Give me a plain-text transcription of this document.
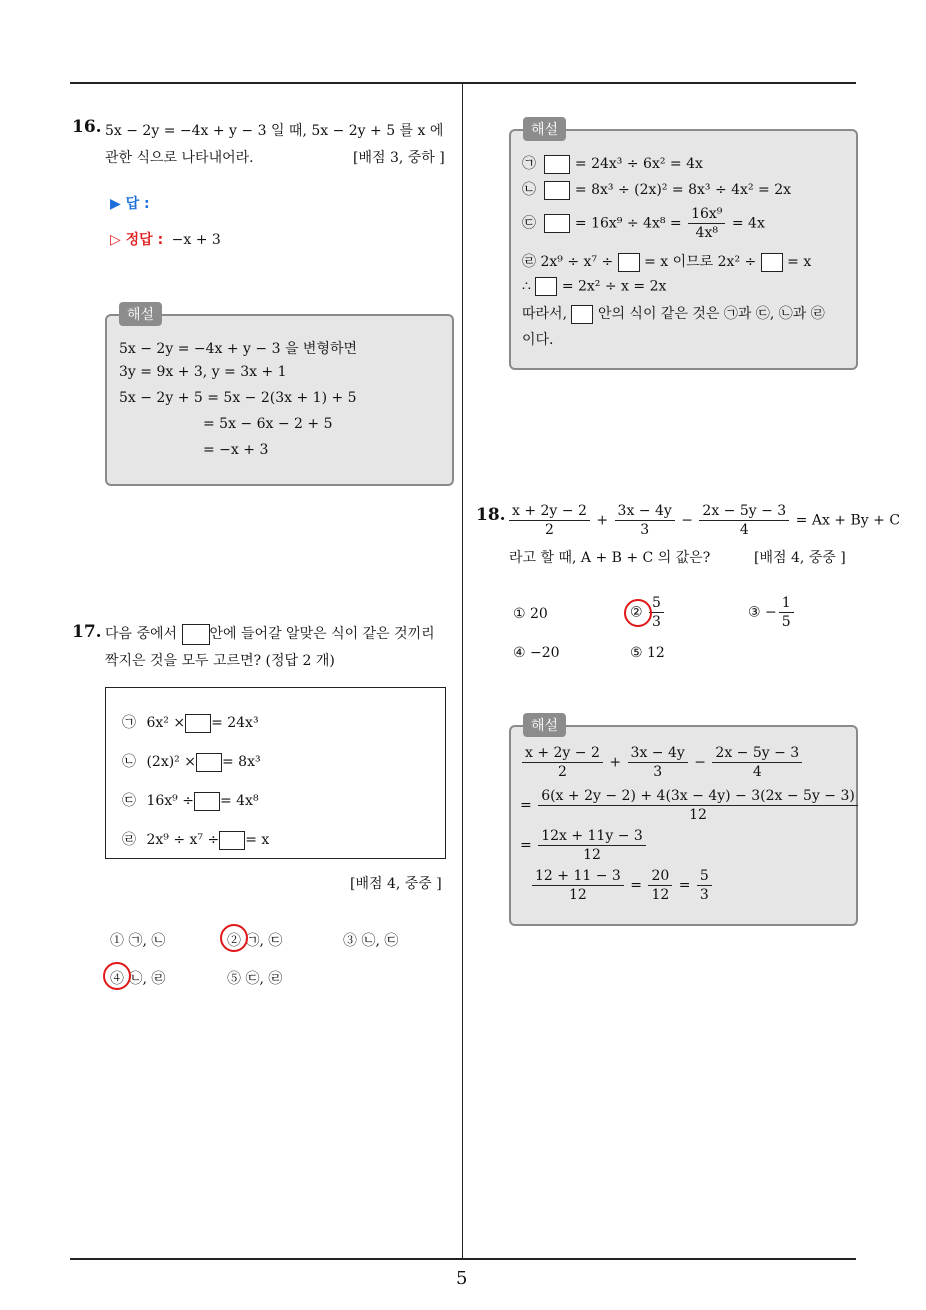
5
16. 5x − 2y = −4x + y − 3 일 때, 5x − 2y + 5 를 x 에
관한 식으로 나타내어라.	[배점 3, 중하 ]
▶ 답 :
▷ 정답 : −x + 3
해설
5x − 2y = −4x + y − 3 을 변형하면
3y = 9x + 3, y = 3x + 1
5x − 2y + 5 = 5x − 2(3x + 1) + 5
= 5x − 6x − 2 + 5
= −x + 3
17. 다음 중에서 안에 들어갈 알맞은 식이 같은 것끼리
짝지은 것을 모두 고르면? (정답 2 개)
㉠ 6x² × = 24x³
㉡ (2x)² × = 8x³
㉢ 16x⁹ ÷ = 4x⁸
㉣ 2x⁹ ÷ x⁷ ÷ = x
[배점 4, 중중 ]
① ㉠, ㉡	② ㉠, ㉢	③ ㉡, ㉢
④ ㉡, ㉣	⑤ ㉢, ㉣
해설
㉠	= 24x³ ÷ 6x² = 4x
㉡	= 8x³ ÷ (2x)² = 8x³ ÷ 4x² = 2x
㉢	= $16x^9 \div 4x^8 = \frac{\text{16x⁹}}{\text{4x⁸}} = 4x$
㉣ 2x⁹ ÷ x⁷ ÷ = x 이므로 2x² ÷ = x
∴ = 2x² ÷ x = 2x
따라서, 안의 식이 같은 것은 ㉠과 ㉢, ㉡과 ㉣
이다.
18. $\frac{x + 2y - 2}{2} + \frac{3x - 4y}{3} - \frac{2x - 5y - 3}{4} = Ax + By + C$
라고 할 때, A + B + C 의 값은?	[배점 4, 중중 ]
① 20	② $\frac{5}{3}$	③ − $\frac{1}{5}$
④ −20	⑤ 12
해설
$\frac{x + 2y - 2}{2} + \frac{3x - 4y}{3} - \frac{2x - 5y - 3}{4}$
= $\frac{6(x + 2y - 2) + 4(3x - 4y) - 3(2x - 5y - 3)}{12}$
= $\frac{12x + 11y - 3}{12}$
$\frac{12 + 11 - 3}{12} = \frac{20}{12} = \frac{5}{3}$
